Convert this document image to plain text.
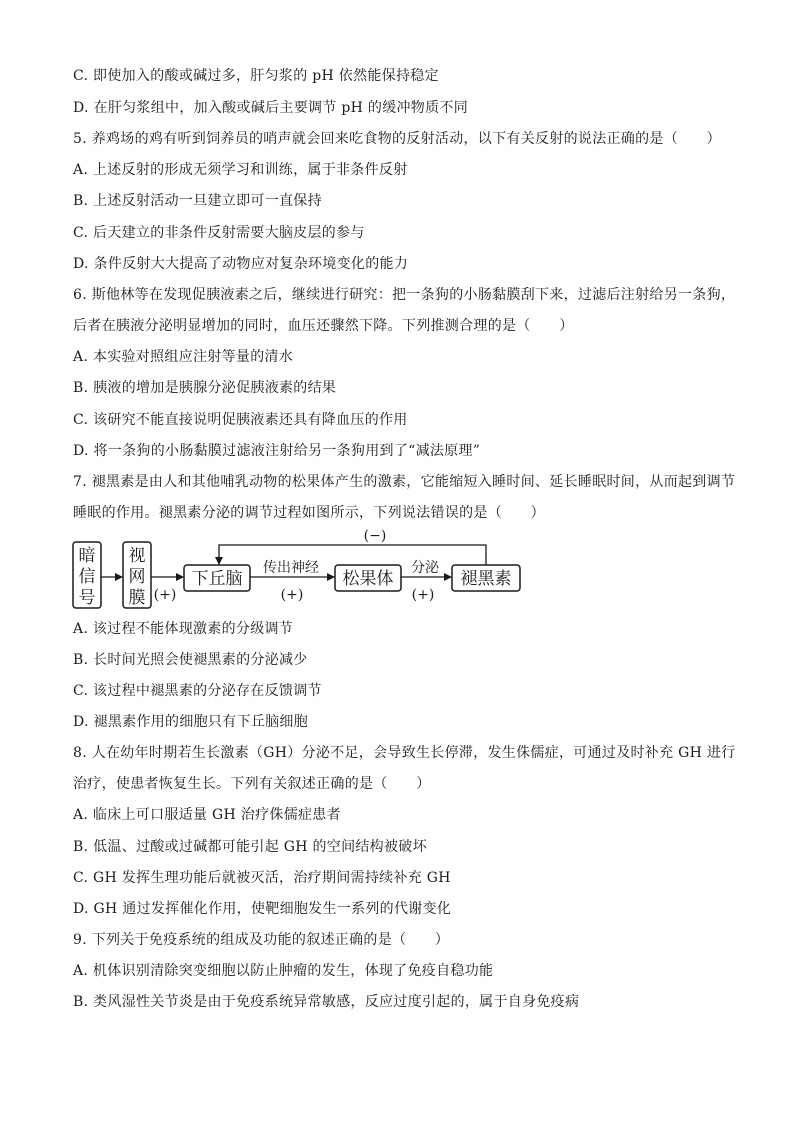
C. 即使加入的酸或碱过多，肝匀浆的 pH 依然能保持稳定
D. 在肝匀浆组中，加入酸或碱后主要调节 pH 的缓冲物质不同
5. 养鸡场的鸡有听到饲养员的哨声就会回来吃食物的反射活动，以下有关反射的说法正确的是（　　）
A. 上述反射的形成无须学习和训练，属于非条件反射
B. 上述反射活动一旦建立即可一直保持
C. 后天建立的非条件反射需要大脑皮层的参与
D. 条件反射大大提高了动物应对复杂环境变化的能力
6. 斯他林等在发现促胰液素之后，继续进行研究：把一条狗的小肠黏膜刮下来，过滤后注射给另一条狗，
后者在胰液分泌明显增加的同时，血压还骤然下降。下列推测合理的是（　　）
A. 本实验对照组应注射等量的清水
B. 胰液的增加是胰腺分泌促胰液素的结果
C. 该研究不能直接说明促胰液素还具有降血压的作用
D. 将一条狗的小肠黏膜过滤液注射给另一条狗用到了“减法原理”
7. 褪黑素是由人和其他哺乳动物的松果体产生的激素，它能缩短入睡时间、延长睡眠时间，从而起到调节
睡眠的作用。褪黑素分泌的调节过程如图所示，下列说法错误的是（　　）
暗
信
号
视
网
膜 (+)
下丘脑
传出神经
(+)
松果体
分泌
(+)
褪黑素
(−)
A. 该过程不能体现激素的分级调节
B. 长时间光照会使褪黑素的分泌减少
C. 该过程中褪黑素的分泌存在反馈调节
D. 褪黑素作用的细胞只有下丘脑细胞
8. 人在幼年时期若生长激素（GH）分泌不足，会导致生长停滞，发生侏儒症，可通过及时补充 GH 进行
治疗，使患者恢复生长。下列有关叙述正确的是（　　）
A. 临床上可口服适量 GH 治疗侏儒症患者
B. 低温、过酸或过碱都可能引起 GH 的空间结构被破坏
C. GH 发挥生理功能后就被灭活，治疗期间需持续补充 GH
D. GH 通过发挥催化作用，使靶细胞发生一系列的代谢变化
9. 下列关于免疫系统的组成及功能的叙述正确的是（　　）
A. 机体识别清除突变细胞以防止肿瘤的发生，体现了免疫自稳功能
B. 类风湿性关节炎是由于免疫系统异常敏感，反应过度引起的，属于自身免疫病
